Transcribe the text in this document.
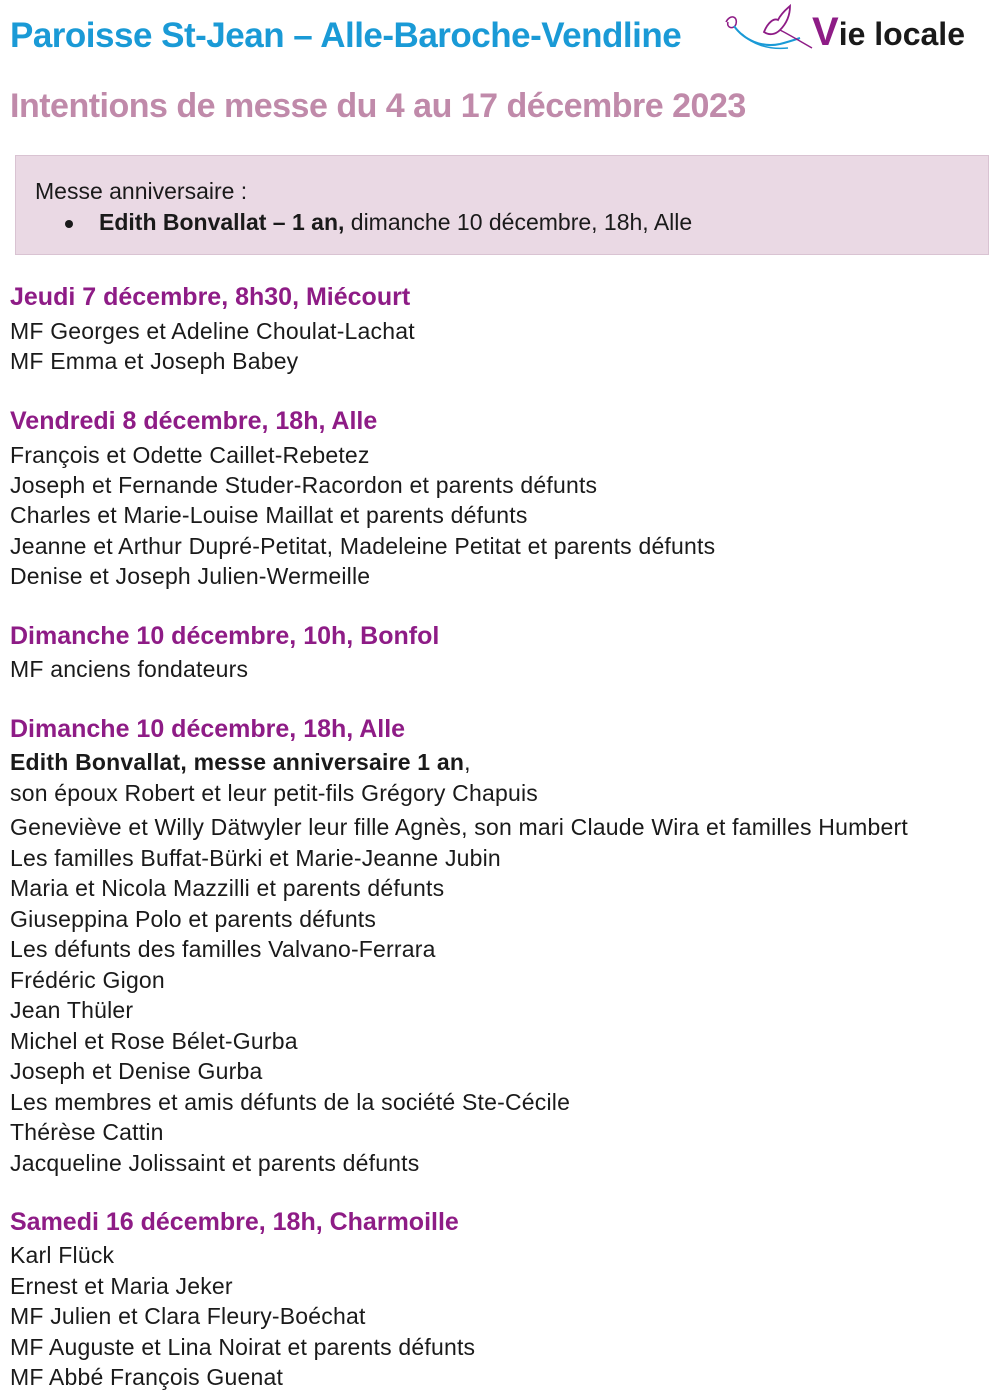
Paroisse St-Jean – Alle-Baroche-Vendline	Vie locale
Intentions de messe du 4 au 17 décembre 2023
Messe anniversaire :
Edith Bonvallat – 1 an, dimanche 10 décembre, 18h, Alle
Jeudi 7 décembre, 8h30, Miécourt
MF Georges et Adeline Choulat-Lachat
MF Emma et Joseph Babey
Vendredi 8 décembre, 18h, Alle
François et Odette Caillet-Rebetez
Joseph et Fernande Studer-Racordon et parents défunts
Charles et Marie-Louise Maillat et parents défunts
Jeanne et Arthur Dupré-Petitat, Madeleine Petitat et parents défunts
Denise et Joseph Julien-Wermeille
Dimanche 10 décembre, 10h, Bonfol
MF anciens fondateurs
Dimanche 10 décembre, 18h, Alle
Edith Bonvallat, messe anniversaire 1 an,
son époux Robert et leur petit-fils Grégory Chapuis
Geneviève et Willy Dätwyler leur fille Agnès, son mari Claude Wira et familles Humbert
Les familles Buffat-Bürki et Marie-Jeanne Jubin
Maria et Nicola Mazzilli et parents défunts
Giuseppina Polo et parents défunts
Les défunts des familles Valvano-Ferrara
Frédéric Gigon
Jean Thüler
Michel et Rose Bélet-Gurba
Joseph et Denise Gurba
Les membres et amis défunts de la société Ste-Cécile
Thérèse Cattin
Jacqueline Jolissaint et parents défunts
Samedi 16 décembre, 18h, Charmoille
Karl Flück
Ernest et Maria Jeker
MF Julien et Clara Fleury-Boéchat
MF Auguste et Lina Noirat et parents défunts
MF Abbé François Guenat
